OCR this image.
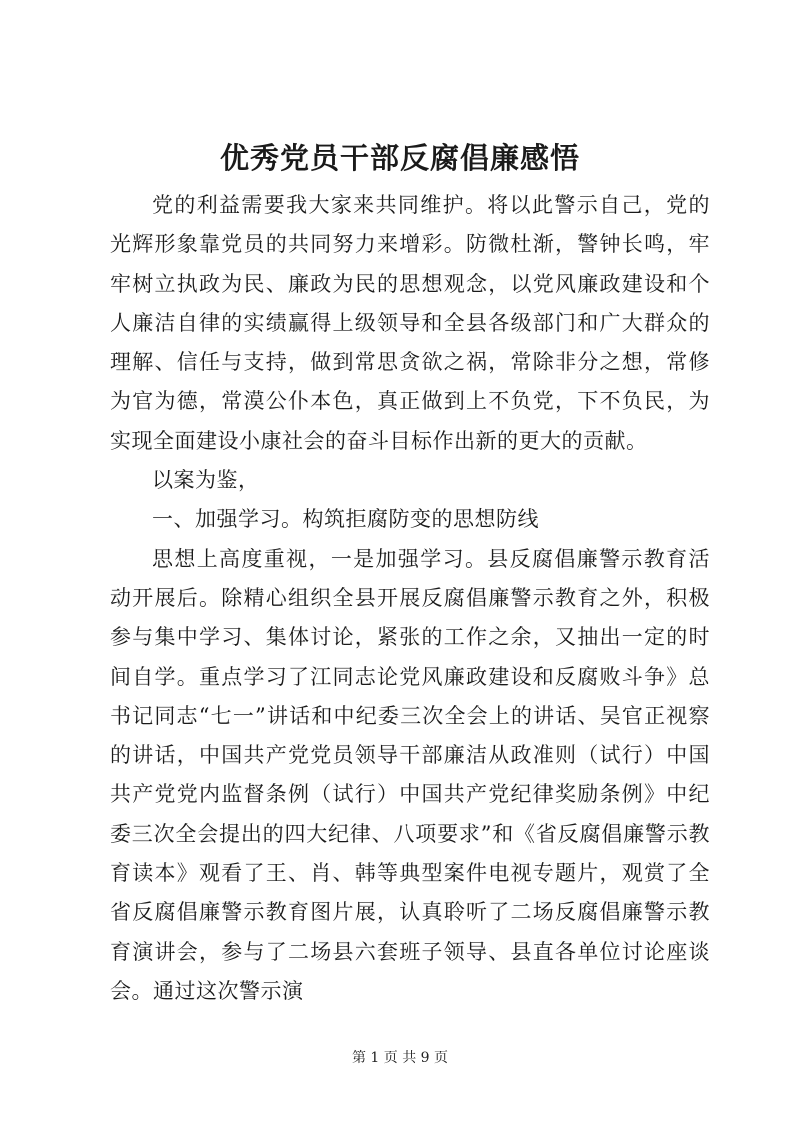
优秀党员干部反腐倡廉感悟

党的利益需要我大家来共同维护。将以此警示自己，党的光辉形象靠党员的共同努力来增彩。防微杜渐，警钟长鸣，牢牢树立执政为民、廉政为民的思想观念，以党风廉政建设和个人廉洁自律的实绩赢得上级领导和全县各级部门和广大群众的理解、信任与支持，做到常思贪欲之祸，常除非分之想，常修为官为德，常漠公仆本色，真正做到上不负党，下不负民，为实现全面建设小康社会的奋斗目标作出新的更大的贡献。

以案为鉴，

一、加强学习。构筑拒腐防变的思想防线

思想上高度重视，一是加强学习。县反腐倡廉警示教育活动开展后。除精心组织全县开展反腐倡廉警示教育之外，积极参与集中学习、集体讨论，紧张的工作之余，又抽出一定的时间自学。重点学习了江同志论党风廉政建设和反腐败斗争》总书记同志“七一”讲话和中纪委三次全会上的讲话、吴官正视察的讲话，中国共产党党员领导干部廉洁从政准则（试行）中国共产党党内监督条例（试行）中国共产党纪律奖励条例》中纪委三次全会提出的四大纪律、八项要求”和《省反腐倡廉警示教育读本》观看了王、肖、韩等典型案件电视专题片，观赏了全省反腐倡廉警示教育图片展，认真聆听了二场反腐倡廉警示教育演讲会，参与了二场县六套班子领导、县直各单位讨论座谈会。通过这次警示演

第 1 页 共 9 页
